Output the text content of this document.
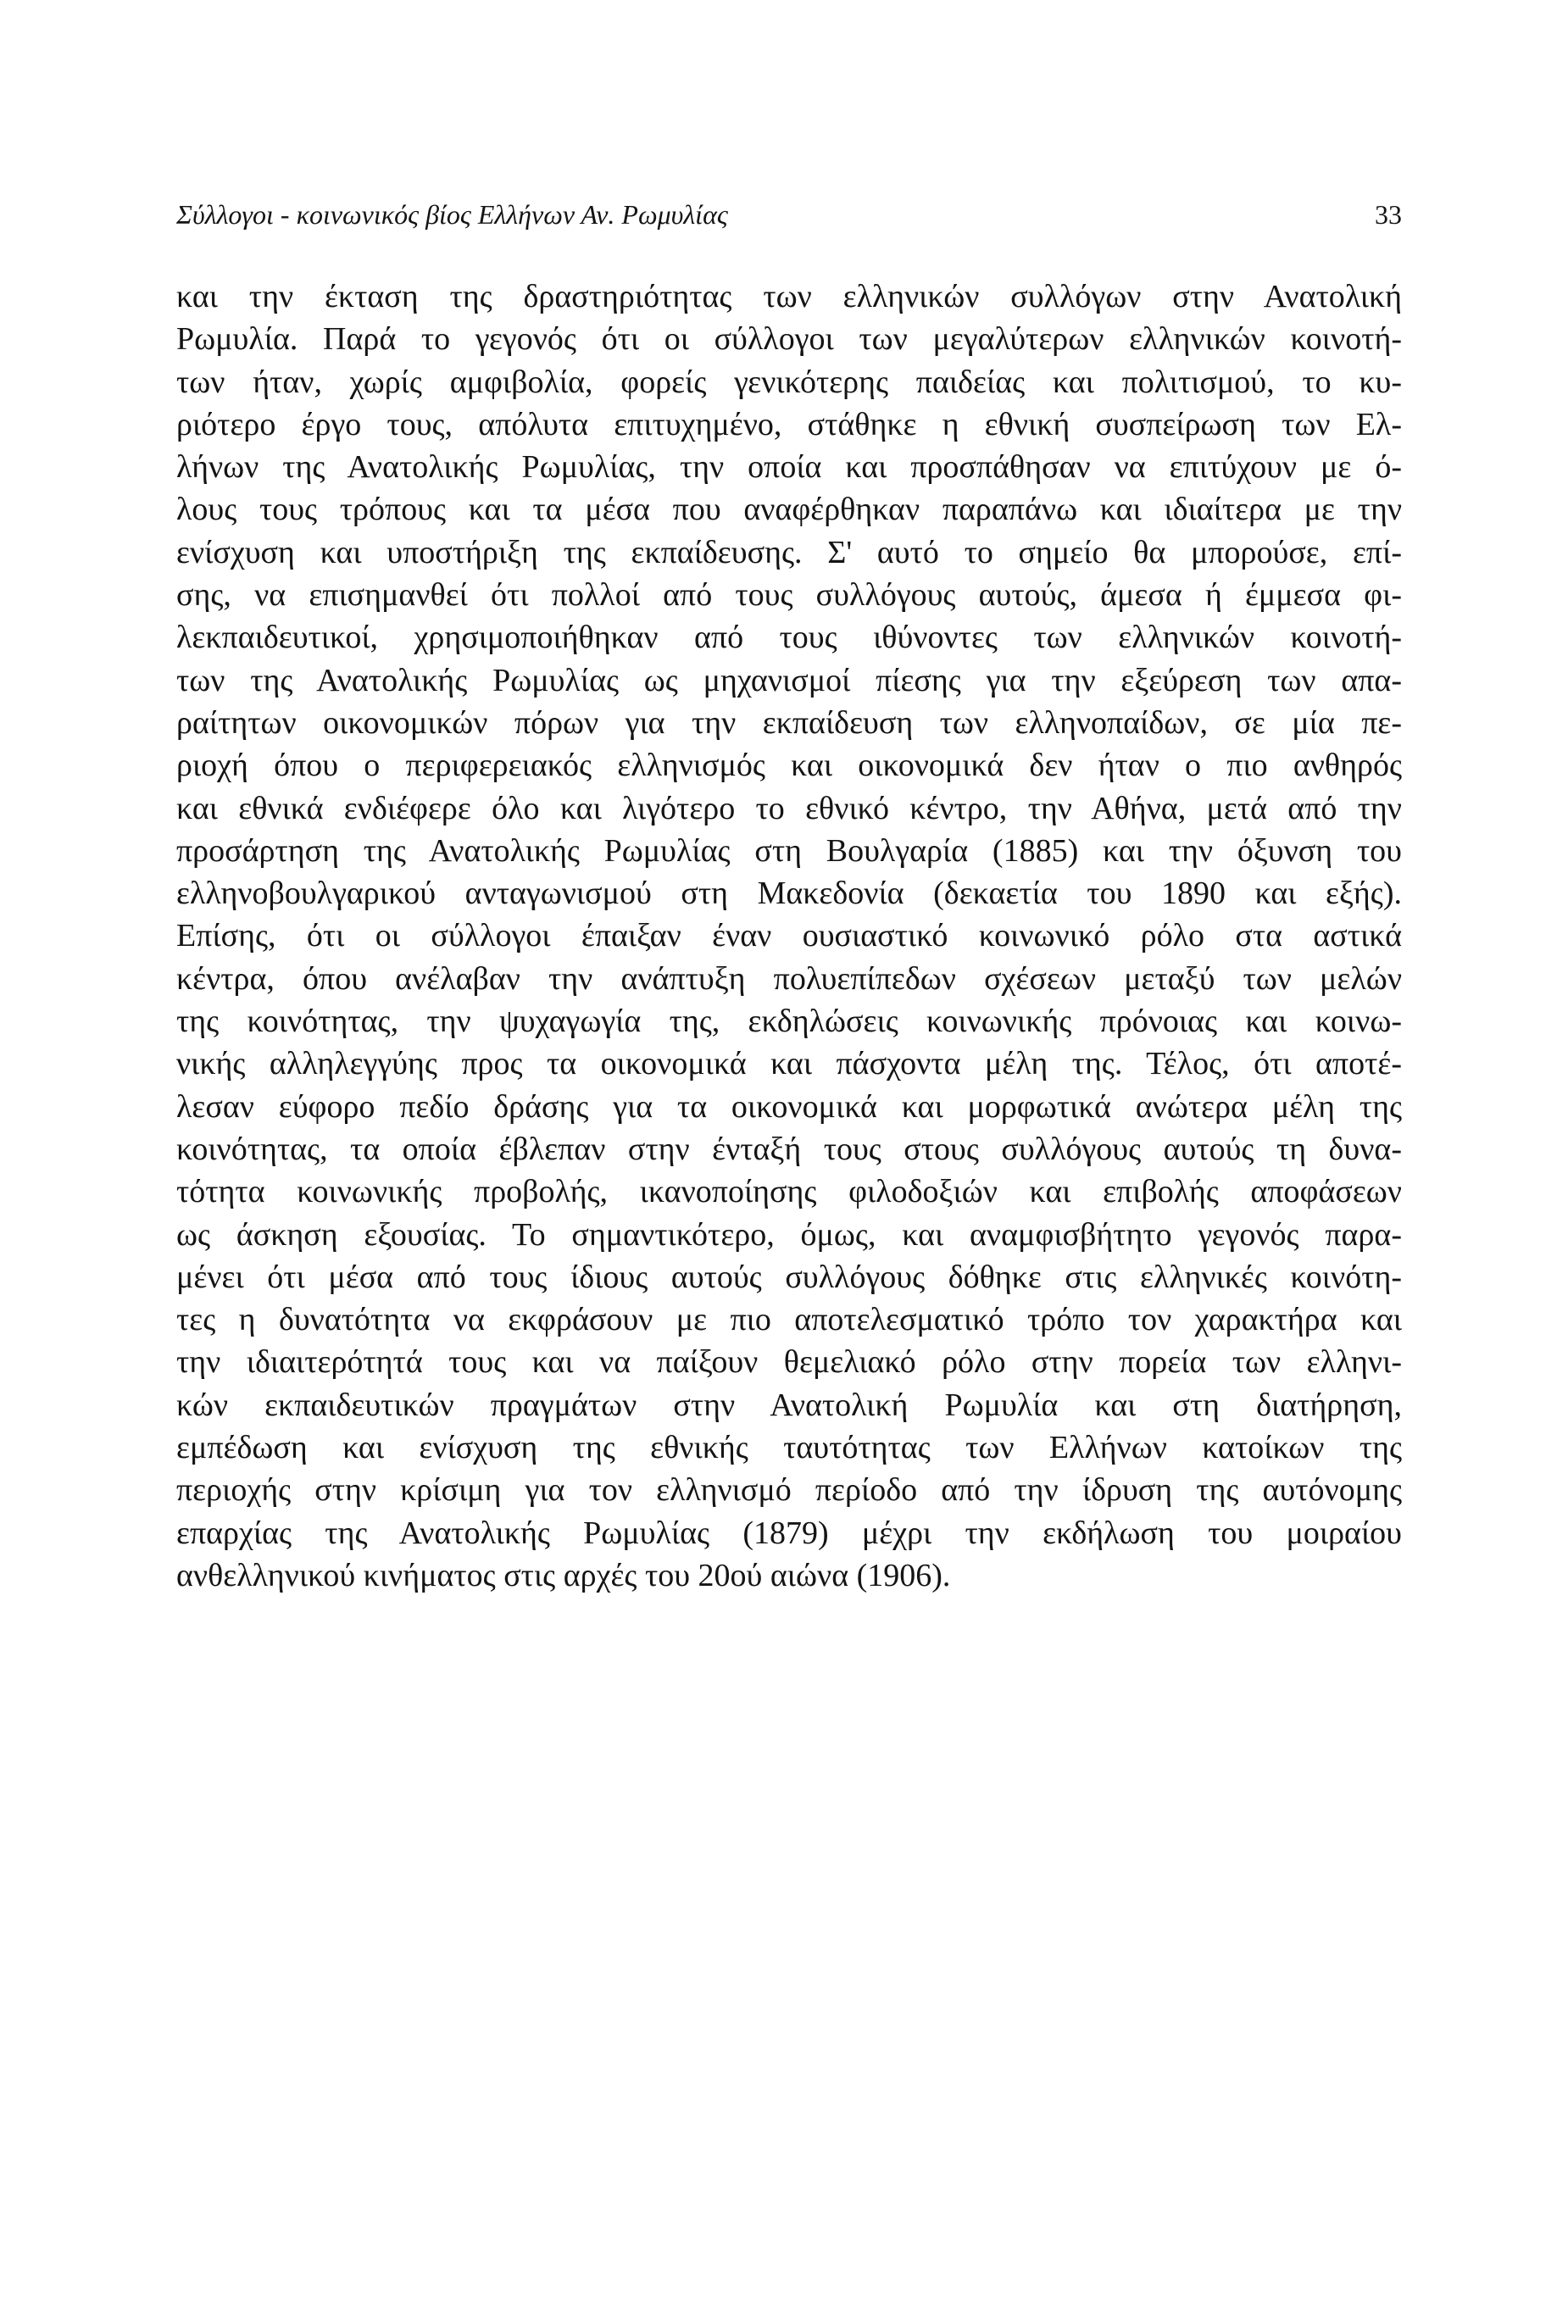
Σύλλογοι - κοινωνικός βίος Ελλήνων Αν. Ρωμυλίας	33

και την έκταση της δραστηριότητας των ελληνικών συλλόγων στην Ανατολική
Ρωμυλία. Παρά το γεγονός ότι οι σύλλογοι των μεγαλύτερων ελληνικών κοινοτή-
των ήταν, χωρίς αμφιβολία, φορείς γενικότερης παιδείας και πολιτισμού, το κυ-
ριότερο έργο τους, απόλυτα επιτυχημένο, στάθηκε η εθνική συσπείρωση των Ελ-
λήνων της Ανατολικής Ρωμυλίας, την οποία και προσπάθησαν να επιτύχουν με ό-
λους τους τρόπους και τα μέσα που αναφέρθηκαν παραπάνω και ιδιαίτερα με την
ενίσχυση και υποστήριξη της εκπαίδευσης. Σ' αυτό το σημείο θα μπορούσε, επί-
σης, να επισημανθεί ότι πολλοί από τους συλλόγους αυτούς, άμεσα ή έμμεσα φι-
λεκπαιδευτικοί, χρησιμοποιήθηκαν από τους ιθύνοντες των ελληνικών κοινοτή-
των της Ανατολικής Ρωμυλίας ως μηχανισμοί πίεσης για την εξεύρεση των απα-
ραίτητων οικονομικών πόρων για την εκπαίδευση των ελληνοπαίδων, σε μία πε-
ριοχή όπου ο περιφερειακός ελληνισμός και οικονομικά δεν ήταν ο πιο ανθηρός
και εθνικά ενδιέφερε όλο και λιγότερο το εθνικό κέντρο, την Αθήνα, μετά από την
προσάρτηση της Ανατολικής Ρωμυλίας στη Βουλγαρία (1885) και την όξυνση του
ελληνοβουλγαρικού ανταγωνισμού στη Μακεδονία (δεκαετία του 1890 και εξής).
Επίσης, ότι οι σύλλογοι έπαιξαν έναν ουσιαστικό κοινωνικό ρόλο στα αστικά
κέντρα, όπου ανέλαβαν την ανάπτυξη πολυεπίπεδων σχέσεων μεταξύ των μελών
της κοινότητας, την ψυχαγωγία της, εκδηλώσεις κοινωνικής πρόνοιας και κοινω-
νικής αλληλεγγύης προς τα οικονομικά και πάσχοντα μέλη της. Τέλος, ότι αποτέ-
λεσαν εύφορο πεδίο δράσης για τα οικονομικά και μορφωτικά ανώτερα μέλη της
κοινότητας, τα οποία έβλεπαν στην ένταξή τους στους συλλόγους αυτούς τη δυνα-
τότητα κοινωνικής προβολής, ικανοποίησης φιλοδοξιών και επιβολής αποφάσεων
ως άσκηση εξουσίας. Το σημαντικότερο, όμως, και αναμφισβήτητο γεγονός παρα-
μένει ότι μέσα από τους ίδιους αυτούς συλλόγους δόθηκε στις ελληνικές κοινότη-
τες η δυνατότητα να εκφράσουν με πιο αποτελεσματικό τρόπο τον χαρακτήρα και
την ιδιαιτερότητά τους και να παίξουν θεμελιακό ρόλο στην πορεία των ελληνι-
κών εκπαιδευτικών πραγμάτων στην Ανατολική Ρωμυλία και στη διατήρηση,
εμπέδωση και ενίσχυση της εθνικής ταυτότητας των Ελλήνων κατοίκων της
περιοχής στην κρίσιμη για τον ελληνισμό περίοδο από την ίδρυση της αυτόνομης
επαρχίας της Ανατολικής Ρωμυλίας (1879) μέχρι την εκδήλωση του μοιραίου
ανθελληνικού κινήματος στις αρχές του 20ού αιώνα (1906).
